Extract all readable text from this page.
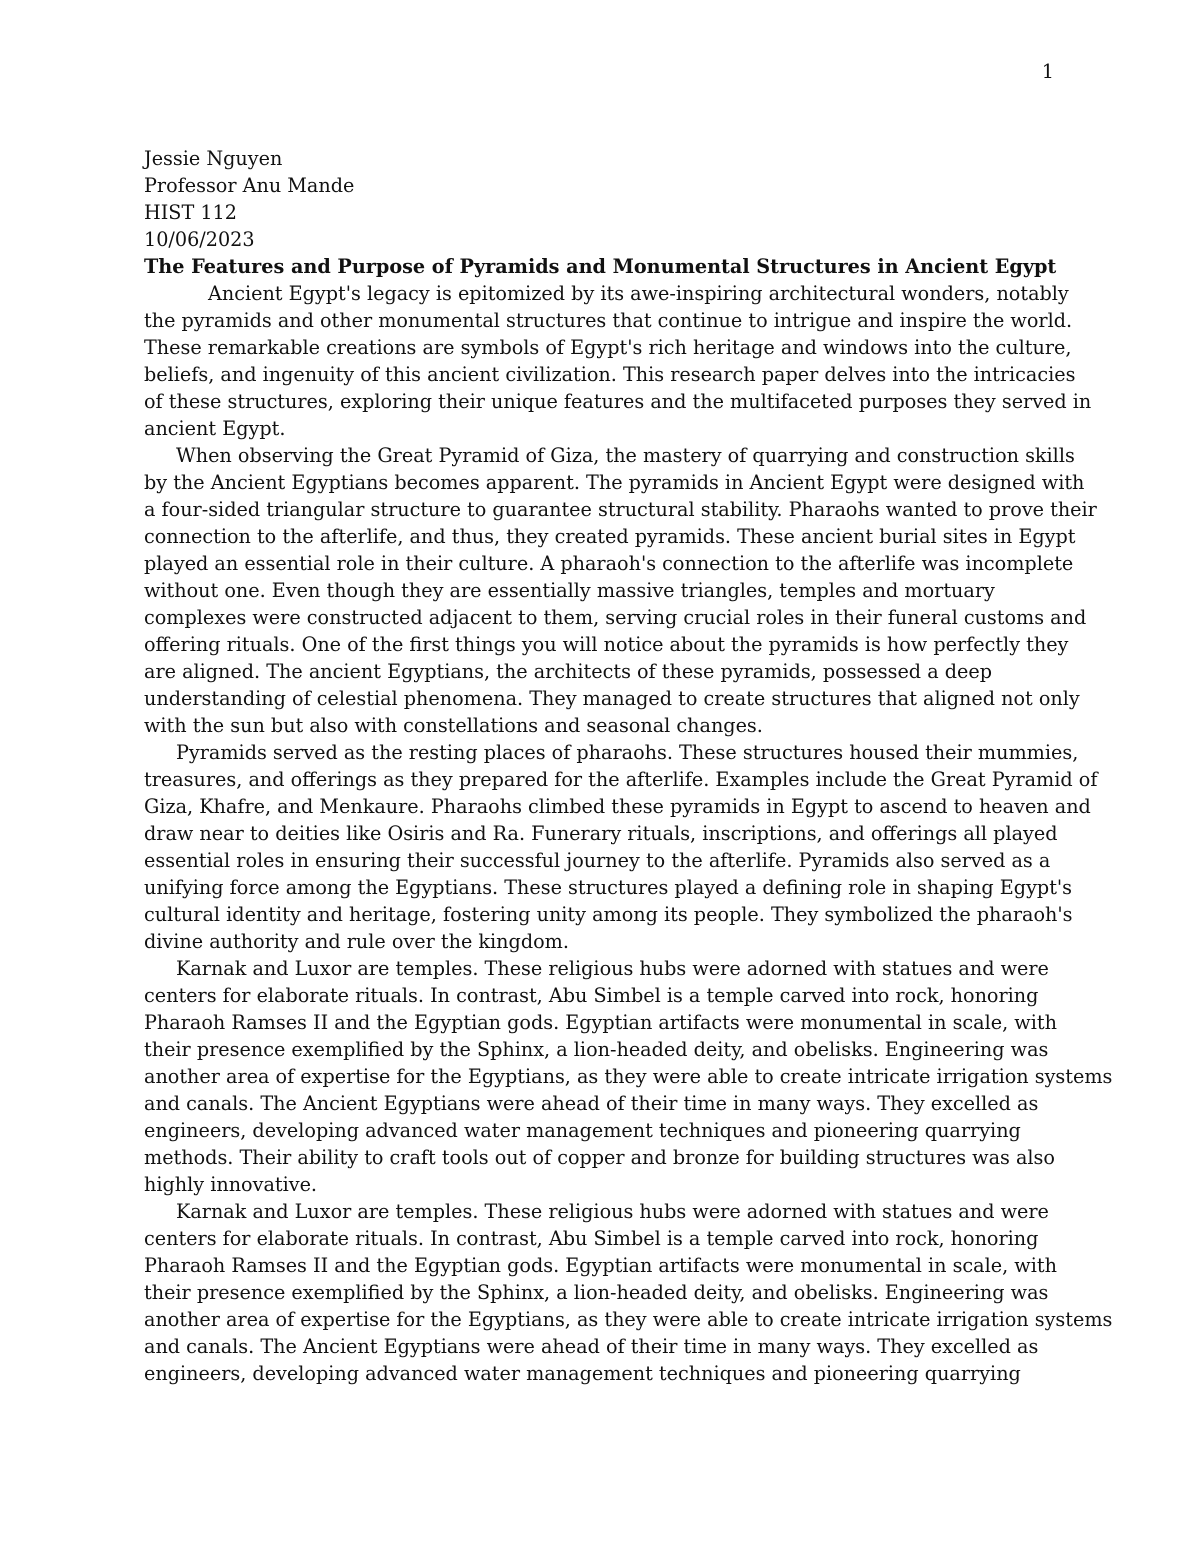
1

Jessie Nguyen

Professor Anu Mande

HIST 112

10/06/2023

The Features and Purpose of Pyramids and Monumental Structures in Ancient Egypt

Ancient Egypt's legacy is epitomized by its awe-inspiring architectural wonders, notably

the pyramids and other monumental structures that continue to intrigue and inspire the world.

These remarkable creations are symbols of Egypt's rich heritage and windows into the culture,

beliefs, and ingenuity of this ancient civilization. This research paper delves into the intricacies

of these structures, exploring their unique features and the multifaceted purposes they served in

ancient Egypt.

When observing the Great Pyramid of Giza, the mastery of quarrying and construction skills

by the Ancient Egyptians becomes apparent. The pyramids in Ancient Egypt were designed with

a four-sided triangular structure to guarantee structural stability. Pharaohs wanted to prove their

connection to the afterlife, and thus, they created pyramids. These ancient burial sites in Egypt

played an essential role in their culture. A pharaoh's connection to the afterlife was incomplete

without one. Even though they are essentially massive triangles, temples and mortuary

complexes were constructed adjacent to them, serving crucial roles in their funeral customs and

offering rituals. One of the first things you will notice about the pyramids is how perfectly they

are aligned. The ancient Egyptians, the architects of these pyramids, possessed a deep

understanding of celestial phenomena. They managed to create structures that aligned not only

with the sun but also with constellations and seasonal changes.

Pyramids served as the resting places of pharaohs. These structures housed their mummies,

treasures, and offerings as they prepared for the afterlife. Examples include the Great Pyramid of

Giza, Khafre, and Menkaure. Pharaohs climbed these pyramids in Egypt to ascend to heaven and

draw near to deities like Osiris and Ra. Funerary rituals, inscriptions, and offerings all played

essential roles in ensuring their successful journey to the afterlife. Pyramids also served as a

unifying force among the Egyptians. These structures played a defining role in shaping Egypt's

cultural identity and heritage, fostering unity among its people. They symbolized the pharaoh's

divine authority and rule over the kingdom.

Karnak and Luxor are temples. These religious hubs were adorned with statues and were

centers for elaborate rituals. In contrast, Abu Simbel is a temple carved into rock, honoring

Pharaoh Ramses II and the Egyptian gods. Egyptian artifacts were monumental in scale, with

their presence exemplified by the Sphinx, a lion-headed deity, and obelisks. Engineering was

another area of expertise for the Egyptians, as they were able to create intricate irrigation systems

and canals. The Ancient Egyptians were ahead of their time in many ways. They excelled as

engineers, developing advanced water management techniques and pioneering quarrying

methods. Their ability to craft tools out of copper and bronze for building structures was also

highly innovative.

Karnak and Luxor are temples. These religious hubs were adorned with statues and were

centers for elaborate rituals. In contrast, Abu Simbel is a temple carved into rock, honoring

Pharaoh Ramses II and the Egyptian gods. Egyptian artifacts were monumental in scale, with

their presence exemplified by the Sphinx, a lion-headed deity, and obelisks. Engineering was

another area of expertise for the Egyptians, as they were able to create intricate irrigation systems

and canals. The Ancient Egyptians were ahead of their time in many ways. They excelled as

engineers, developing advanced water management techniques and pioneering quarrying
